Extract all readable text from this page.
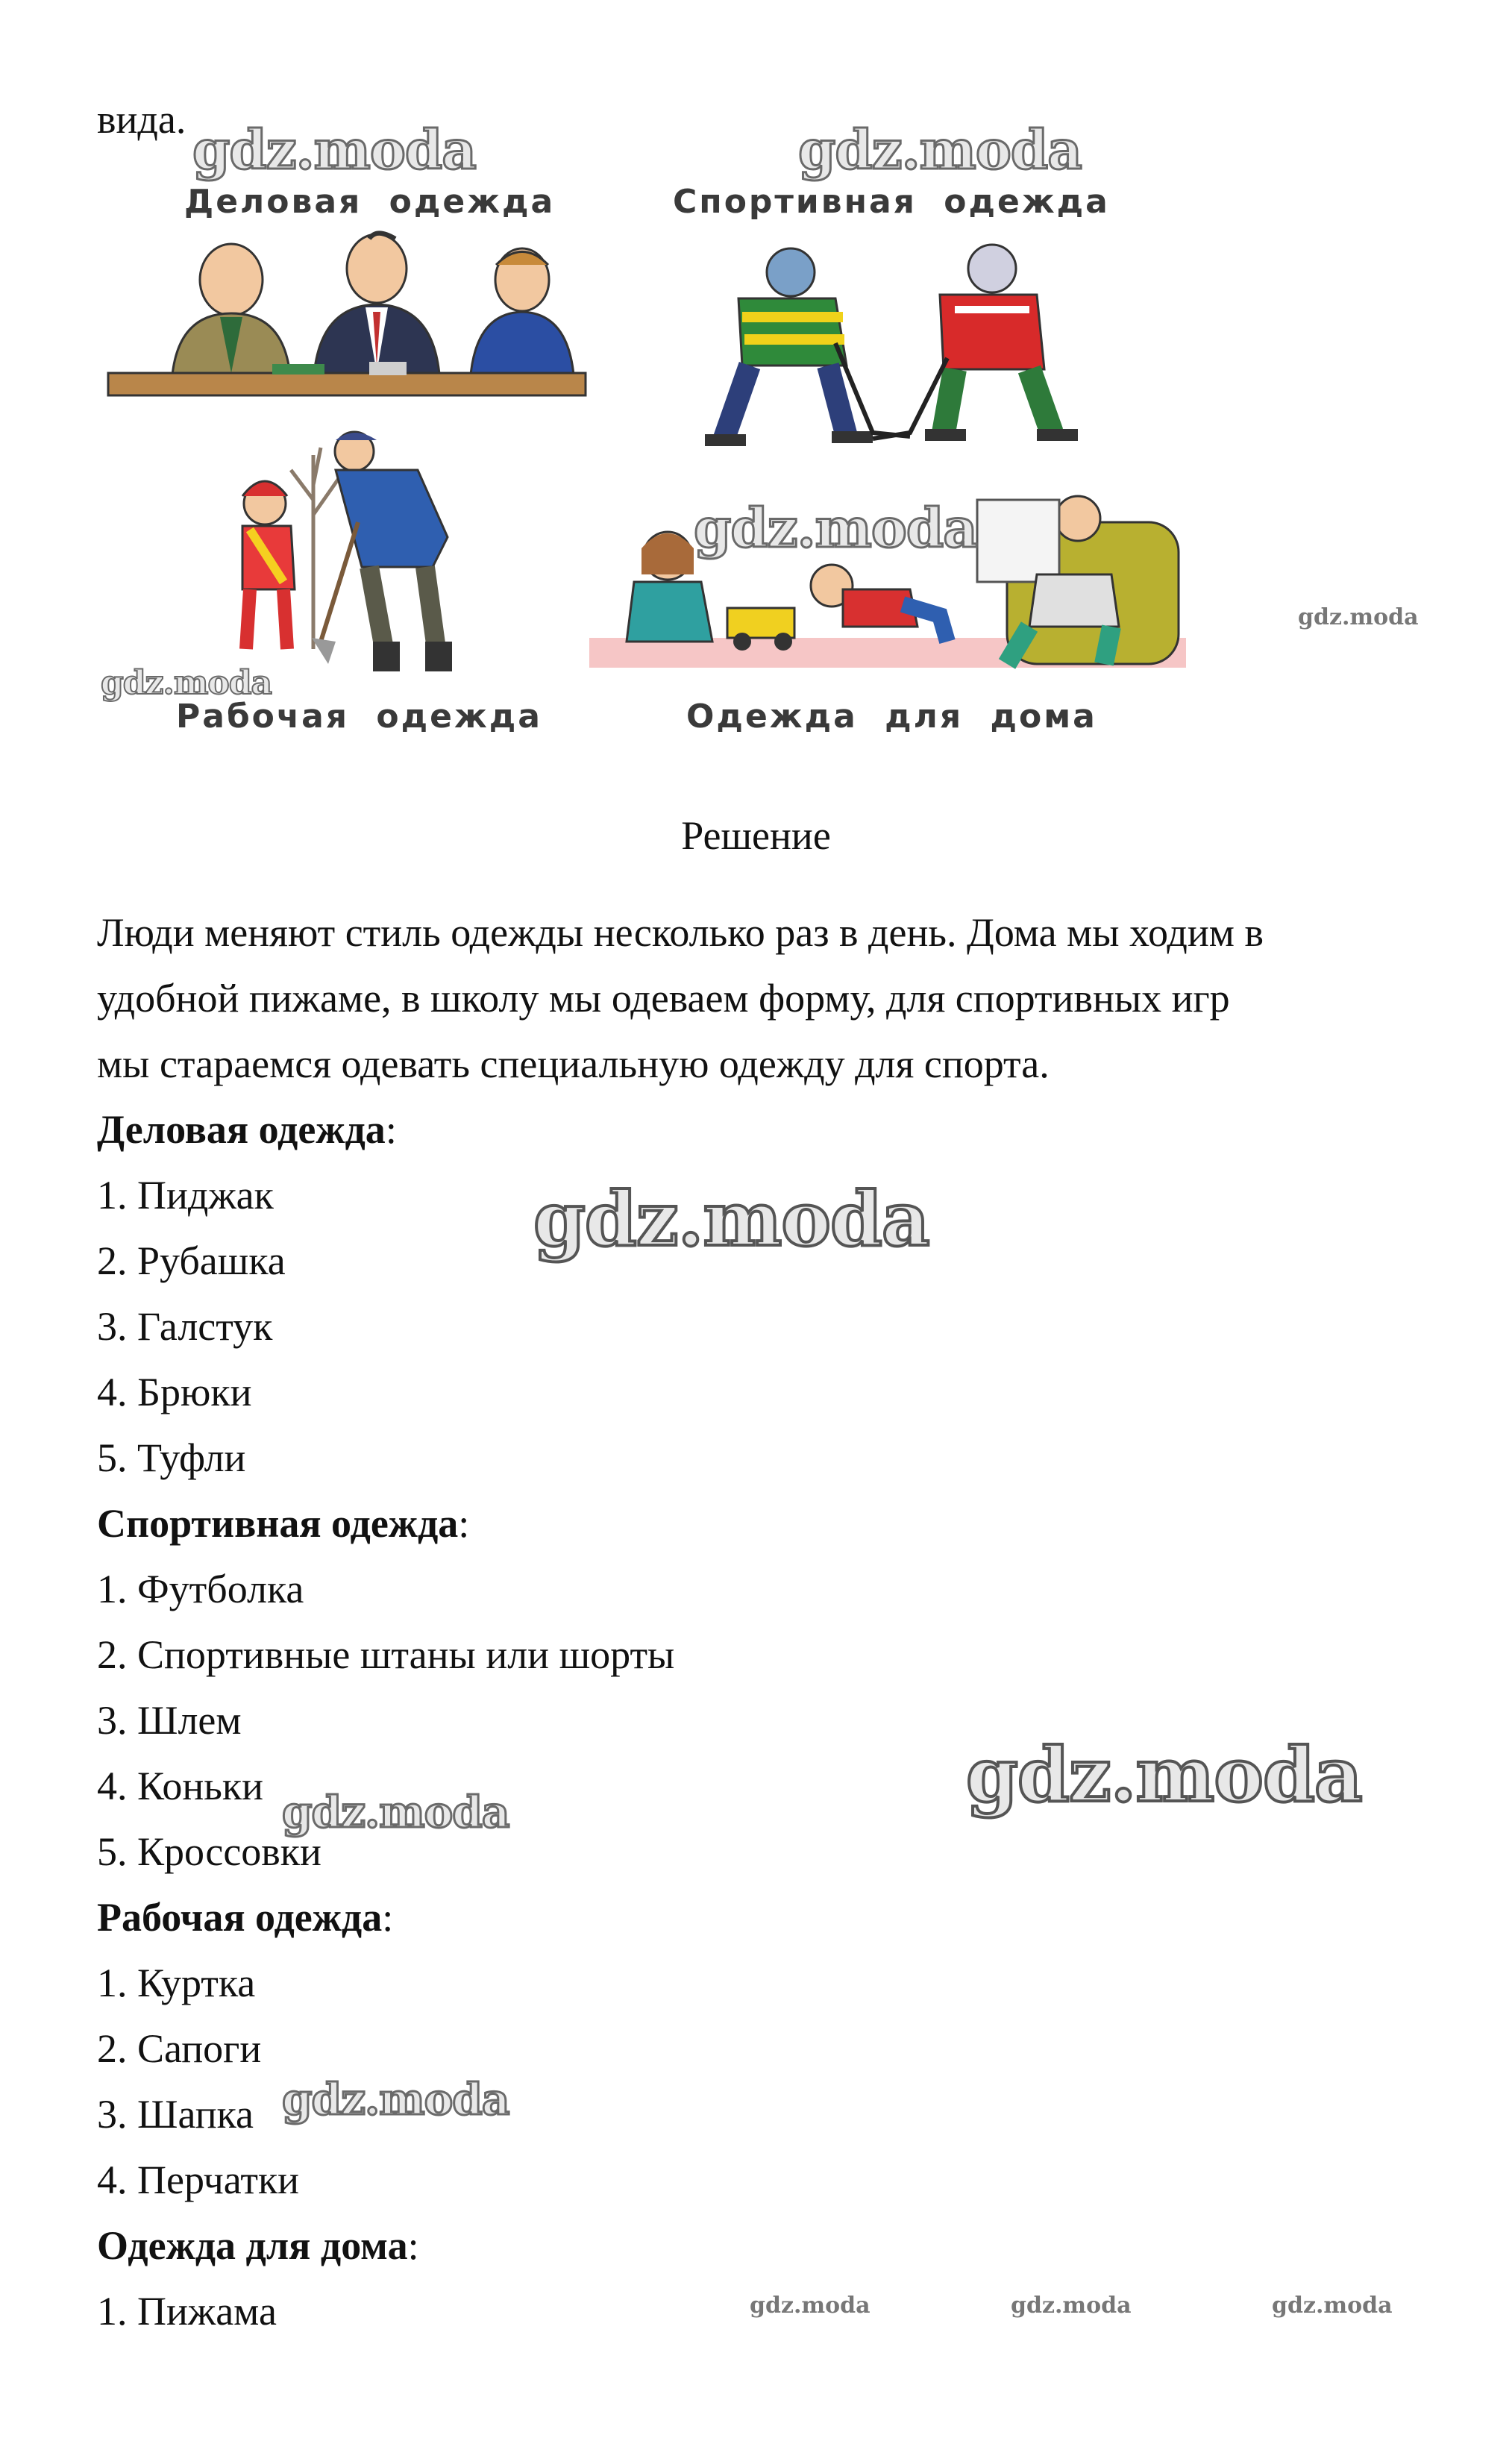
вида.
Деловая одежда	Спортивная одежда
Рабочая одежда	Одежда для дома
gdz.moda	gdz.moda
gdz.moda
gdz.moda
gdz.moda
Решение
Люди меняют стиль одежды несколько раз в день. Дома мы ходим в
удобной пижаме, в школу мы одеваем форму, для спортивных игр
мы стараемся одевать специальную одежду для спорта.
Деловая одежда:
1. Пиджак
2. Рубашка
3. Галстук
4. Брюки
5. Туфли
Спортивная одежда:
1. Футболка
2. Спортивные штаны или шорты
3. Шлем
4. Коньки
5. Кроссовки
Рабочая одежда:
1. Куртка
2. Сапоги
3. Шапка
4. Перчатки
Одежда для дома:
1. Пижама
gdz.moda
gdz.moda
gdz.moda
gdz.moda
gdz.moda	gdz.moda	gdz.moda
